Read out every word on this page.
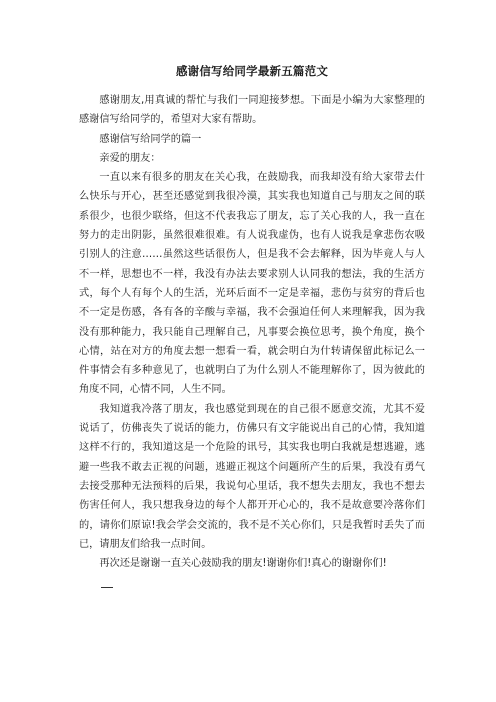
感谢信写给同学最新五篇范文

感谢朋友,用真诚的帮忙与我们一同迎接梦想。下面是小编为大家整理的感谢信写给同学的，希望对大家有帮助。

感谢信写给同学的篇一

亲爱的朋友：

一直以来有很多的朋友在关心我，在鼓励我，而我却没有给大家带去什么快乐与开心，甚至还感觉到我很冷漠，其实我也知道自己与朋友之间的联系很少，也很少联络，但这不代表我忘了朋友，忘了关心我的人，我一直在努力的走出阴影，虽然很难很难。有人说我虚伪，也有人说我是拿悲伤农吸引别人的注意……虽然这些话很伤人，但是我不会去解释，因为毕竟人与人不一样，思想也不一样，我没有办法去要求别人认同我的想法，我的生活方式，每个人有每个人的生活，光环后面不一定是幸福，悲伤与贫穷的背后也不一定是伤感，各有各的辛酸与幸福，我不会强迫任何人来理解我，因为我没有那种能力，我只能自己理解自己，凡事要会换位思考，换个角度，换个心情，站在对方的角度去想一想看一看，就会明白为什转请保留此标记么一件事情会有多种意见了，也就明白了为什么别人不能理解你了，因为彼此的角度不同，心情不同，人生不同。

我知道我冷落了朋友，我也感觉到现在的自己很不愿意交流，尤其不爱说话了，仿佛丧失了说话的能力，仿佛只有文字能说出自己的心情，我知道这样不行的，我知道这是一个危险的讯号，其实我也明白我就是想逃避，逃避一些我不敢去正视的问题，逃避正视这个问题所产生的后果，我没有勇气去接受那种无法预料的后果，我说句心里话，我不想失去朋友，我也不想去伤害任何人，我只想我身边的每个人都开开心心的，我不是故意要冷落你们的，请你们原谅!我会学会交流的，我不是不关心你们，只是我暂时丢失了而已，请朋友们给我一点时间。

再次还是谢谢一直关心鼓励我的朋友!谢谢你们!真心的谢谢你们!
